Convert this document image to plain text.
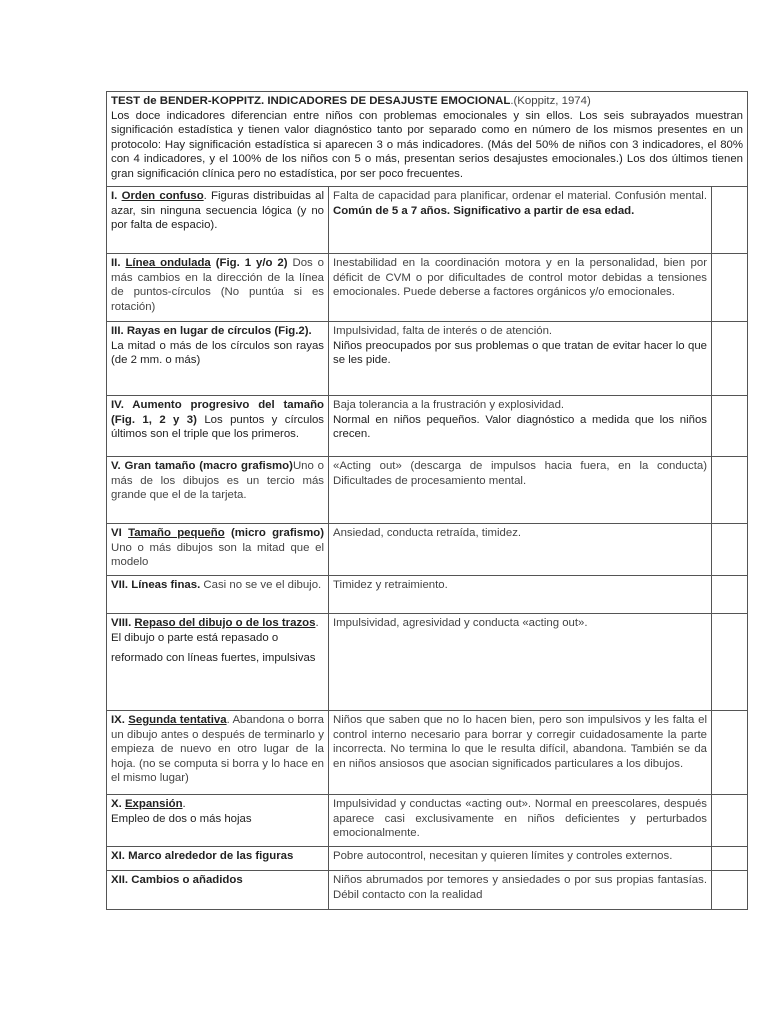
TEST de BENDER-KOPPITZ. INDICADORES DE DESAJUSTE EMOCIONAL.(Koppitz, 1974)
Los doce indicadores diferencian entre niños con problemas emocionales y sin ellos. Los seis subrayados muestran significación estadística y tienen valor diagnóstico tanto por separado como en número de los mismos presentes en un protocolo: Hay significación estadística si aparecen 3 o más indicadores. (Más del 50% de niños con 3 indicadores, el 80% con 4 indicadores, y el 100% de los niños con 5 o más, presentan serios desajustes emocionales.) Los dos últimos tienen gran significación clínica pero no estadística, por ser poco frecuentes.		

I. Orden confuso. Figuras distribuidas al azar, sin ninguna secuencia lógica (y no por falta de espacio).	Falta de capacidad para planificar, ordenar el material. Confusión mental. Común de 5 a 7 años. Significativo a partir de esa edad.	
II. Línea ondulada (Fig. 1 y/o 2) Dos o más cambios en la dirección de la línea de puntos-círculos (No puntúa si es rotación)	Inestabilidad en la coordinación motora y en la personalidad, bien por déficit de CVM o por dificultades de control motor debidas a tensiones emocionales. Puede deberse a factores orgánicos y/o emocionales.	

III. Rayas en lugar de círculos (Fig.2).
La mitad o más de los círculos son rayas (de 2 mm. o más)	Impulsividad, falta de interés o de atención.
Niños preocupados por sus problemas o que tratan de evitar hacer lo que se les pide.	

IV. Aumento progresivo del tamaño (Fig. 1, 2 y 3) Los puntos y círculos últimos son el triple que los primeros.	Baja tolerancia a la frustración y explosividad.
Normal en niños pequeños. Valor diagnóstico a medida que los niños crecen.	

V. Gran tamaño (macro grafismo)Uno o más de los dibujos es un tercio más grande que el de la tarjeta.	«Acting out» (descarga de impulsos hacia fuera, en la conducta) Dificultades de procesamiento mental.	
VI Tamaño pequeño (micro grafismo) Uno o más dibujos son la mitad que el modelo	Ansiedad, conducta retraída, timidez.	
VII. Líneas finas. Casi no se ve el dibujo.	Timidez y retraimiento.	
VIII. Repaso del dibujo o de los trazos.
El dibujo o parte está repasado o
reformado con líneas fuertes, impulsivas	Impulsividad, agresividad y conducta «acting out».	
IX. Segunda tentativa. Abandona o borra un dibujo antes o después de terminarlo y empieza de nuevo en otro lugar de la hoja. (no se computa si borra y lo hace en el mismo lugar)	Niños que saben que no lo hacen bien, pero son impulsivos y les falta el control interno necesario para borrar y corregir cuidadosamente la parte incorrecta. No termina lo que le resulta difícil, abandona. También se da en niños ansiosos que asocian significados particulares a los dibujos.	
X. Expansión.
Empleo de dos o más hojas	Impulsividad y conductas «acting out». Normal en preescolares, después aparece casi exclusivamente en niños deficientes y perturbados emocionalmente.	
XI. Marco alrededor de las figuras	Pobre autocontrol, necesitan y quieren límites y controles externos.	
XII. Cambios o añadidos	Niños abrumados por temores y ansiedades o por sus propias fantasías. Débil contacto con la realidad	
